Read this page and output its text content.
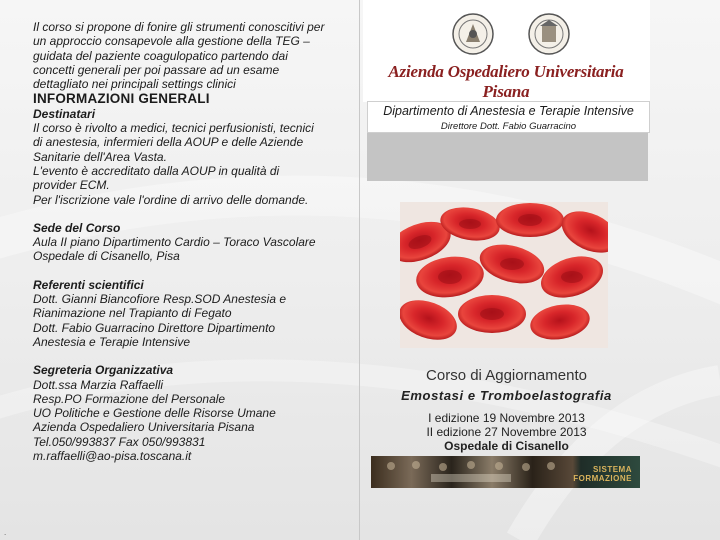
Il corso si propone di fonire gli strumenti conoscitivi per

un approccio consapevole alla gestione della TEG –

guidata del paziente coagulopatico partendo dai

concetti generali per poi passare ad un esame

dettagliato nei principali settings clinici

INFORMAZIONI GENERALI

Destinatari

Il corso è rivolto a medici, tecnici perfusionisti, tecnici

di anestesia, infermieri della AOUP e delle Aziende

Sanitarie dell'Area Vasta.

L'evento è accreditato dalla AOUP in qualità di

provider ECM.

Per l'iscrizione vale l'ordine di arrivo delle domande.

Sede del Corso

Aula II piano Dipartimento Cardio – Toraco Vascolare

Ospedale di Cisanello, Pisa

Referenti scientifici

Dott. Gianni Biancofiore Resp.SOD Anestesia e

Rianimazione nel Trapianto di Fegato

Dott. Fabio Guarracino Direttore Dipartimento

Anestesia e Terapie Intensive

Segreteria Organizzativa

Dott.ssa Marzia Raffaelli

Resp.PO Formazione del Personale

UO Politiche e Gestione delle Risorse Umane

Azienda Ospedaliero Universitaria Pisana

Tel.050/993837 Fax 050/993831

m.raffaelli@ao-pisa.toscana.it

Azienda Ospedaliero Universitaria Pisana
Dipartimento di Anestesia e Terapie Intensive
Direttore Dott. Fabio Guarracino
Corso di Aggiornamento
Emostasi e Tromboelastografia
I edizione 19 Novembre 2013
II edizione 27 Novembre 2013
Ospedale di Cisanello
SISTEMA
FORMAZIONE
.
